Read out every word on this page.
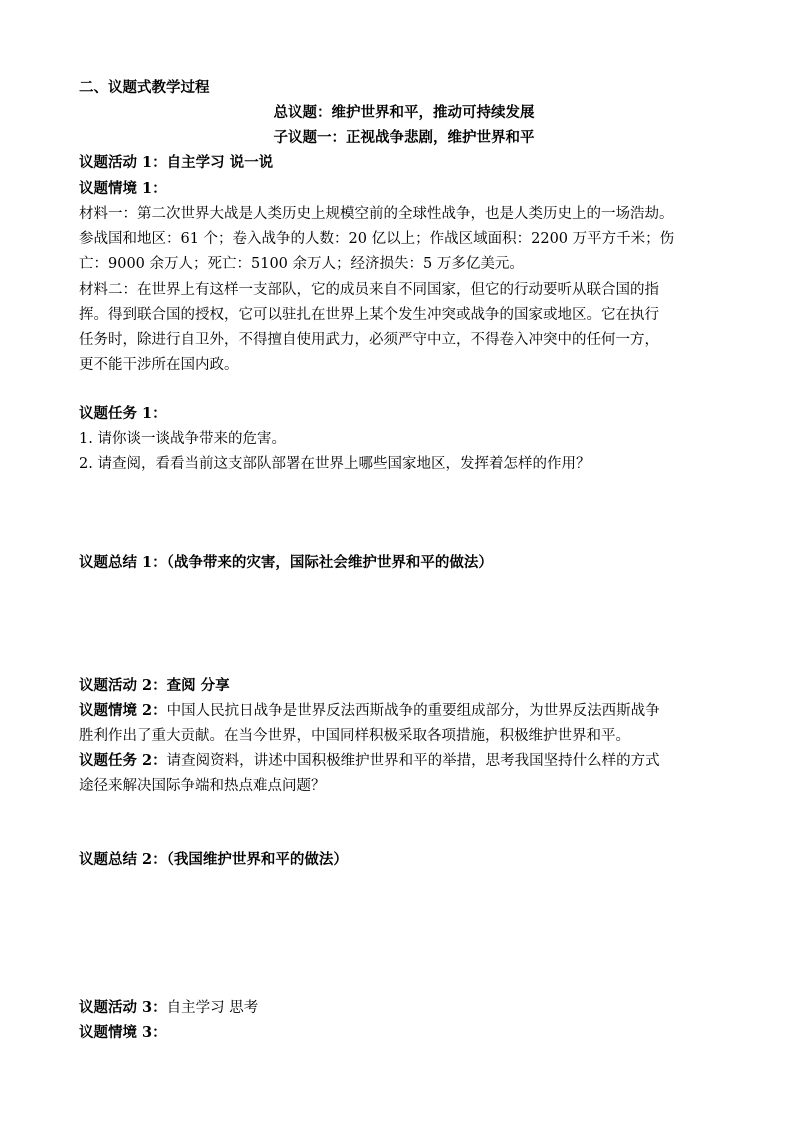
二、议题式教学过程
总议题：维护世界和平，推动可持续发展
子议题一：正视战争悲剧，维护世界和平
议题活动 1：自主学习 说一说
议题情境 1：
材料一：第二次世界大战是人类历史上规模空前的全球性战争，也是人类历史上的一场浩劫。
参战国和地区：61 个；卷入战争的人数：20 亿以上；作战区域面积：2200 万平方千米；伤
亡：9000 余万人；死亡：5100 余万人；经济损失：5 万多亿美元。
材料二：在世界上有这样一支部队，它的成员来自不同国家，但它的行动要听从联合国的指
挥。得到联合国的授权，它可以驻扎在世界上某个发生冲突或战争的国家或地区。它在执行
任务时，除进行自卫外，不得擅自使用武力，必须严守中立，不得卷入冲突中的任何一方，
更不能干涉所在国内政。
议题任务 1：
1. 请你谈一谈战争带来的危害。
2. 请查阅，看看当前这支部队部署在世界上哪些国家地区，发挥着怎样的作用？
议题总结 1：（战争带来的灾害，国际社会维护世界和平的做法）
议题活动 2：查阅 分享
议题情境 2：中国人民抗日战争是世界反法西斯战争的重要组成部分，为世界反法西斯战争
胜利作出了重大贡献。在当今世界，中国同样积极采取各项措施，积极维护世界和平。
议题任务 2：请查阅资料，讲述中国积极维护世界和平的举措，思考我国坚持什么样的方式
途径来解决国际争端和热点难点问题？
议题总结 2：（我国维护世界和平的做法）
议题活动 3：自主学习 思考
议题情境 3：
